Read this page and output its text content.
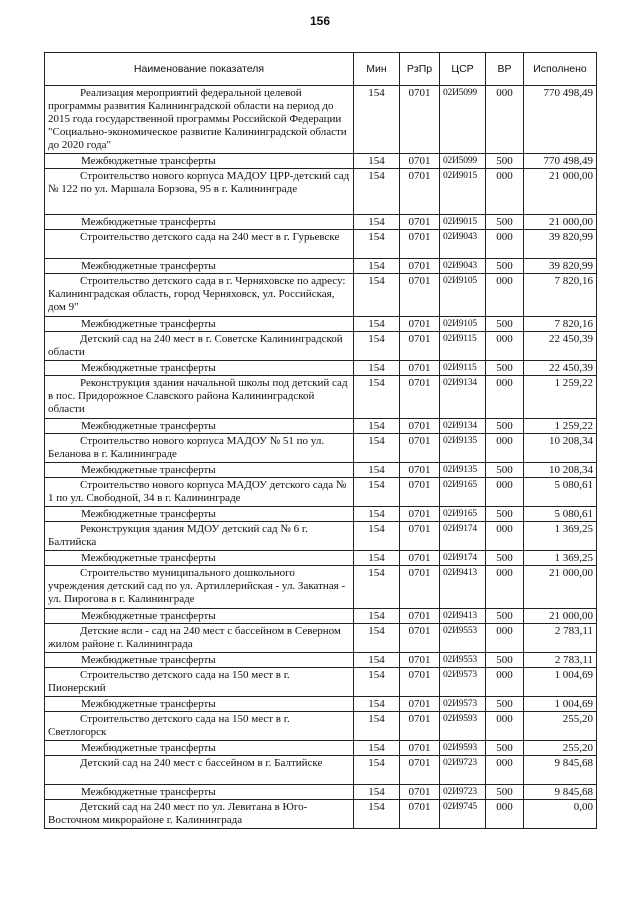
156
Наименование показателя	Мин	РзПр	ЦСР	ВР	Исполнено
Реализация мероприятий федеральной целевой программы развития Калининградской области на период до 2015 года государственной программы Российской Федерации "Социально-экономическое развитие Калининградской области до 2020 года"	154	0701	02И5099	000	770 498,49
Межбюджетные трансферты	154	0701	02И5099	500	770 498,49
Строительство нового корпуса МАДОУ ЦРР-детский сад № 122 по ул. Маршала Борзова, 95 в г. Калининграде	154	0701	02И9015	000	21 000,00
Межбюджетные трансферты	154	0701	02И9015	500	21 000,00
Строительство детского сада на 240 мест в г. Гурьевске	154	0701	02И9043	000	39 820,99
Межбюджетные трансферты	154	0701	02И9043	500	39 820,99
Строительство детского сада в г. Черняховске по адресу: Калининградская область, город Черняховск, ул. Российская, дом 9"	154	0701	02И9105	000	7 820,16
Межбюджетные трансферты	154	0701	02И9105	500	7 820,16
Детский сад на 240 мест в г. Советске Калининградской области	154	0701	02И9115	000	22 450,39
Межбюджетные трансферты	154	0701	02И9115	500	22 450,39
Реконструкция здания начальной школы под детский сад в пос. Придорожное Славского района Калининградской области	154	0701	02И9134	000	1 259,22
Межбюджетные трансферты	154	0701	02И9134	500	1 259,22
Строительство нового корпуса МАДОУ № 51 по ул. Беланова в г. Калининграде	154	0701	02И9135	000	10 208,34
Межбюджетные трансферты	154	0701	02И9135	500	10 208,34
Строительство нового корпуса МАДОУ детского сада № 1 по ул. Свободной, 34 в г. Калининграде	154	0701	02И9165	000	5 080,61
Межбюджетные трансферты	154	0701	02И9165	500	5 080,61
Реконструкция здания МДОУ детский сад № 6 г. Балтийска	154	0701	02И9174	000	1 369,25
Межбюджетные трансферты	154	0701	02И9174	500	1 369,25
Строительство муниципального дошкольного учреждения детский сад по ул. Артиллерийская - ул. Закатная - ул. Пирогова в г. Калининграде	154	0701	02И9413	000	21 000,00
Межбюджетные трансферты	154	0701	02И9413	500	21 000,00
Детские ясли - сад на 240 мест с бассейном в Северном жилом районе г. Калининграда	154	0701	02И9553	000	2 783,11
Межбюджетные трансферты	154	0701	02И9553	500	2 783,11
Строительство детского сада на 150 мест в г. Пионерский	154	0701	02И9573	000	1 004,69
Межбюджетные трансферты	154	0701	02И9573	500	1 004,69
Строительство детского сада на 150 мест в г. Светлогорск	154	0701	02И9593	000	255,20
Межбюджетные трансферты	154	0701	02И9593	500	255,20
Детский сад на 240 мест с бассейном в г. Балтийске	154	0701	02И9723	000	9 845,68
Межбюджетные трансферты	154	0701	02И9723	500	9 845,68
Детский сад на 240 мест по ул. Левитана в Юго-Восточном микрорайоне г. Калининграда	154	0701	02И9745	000	0,00
